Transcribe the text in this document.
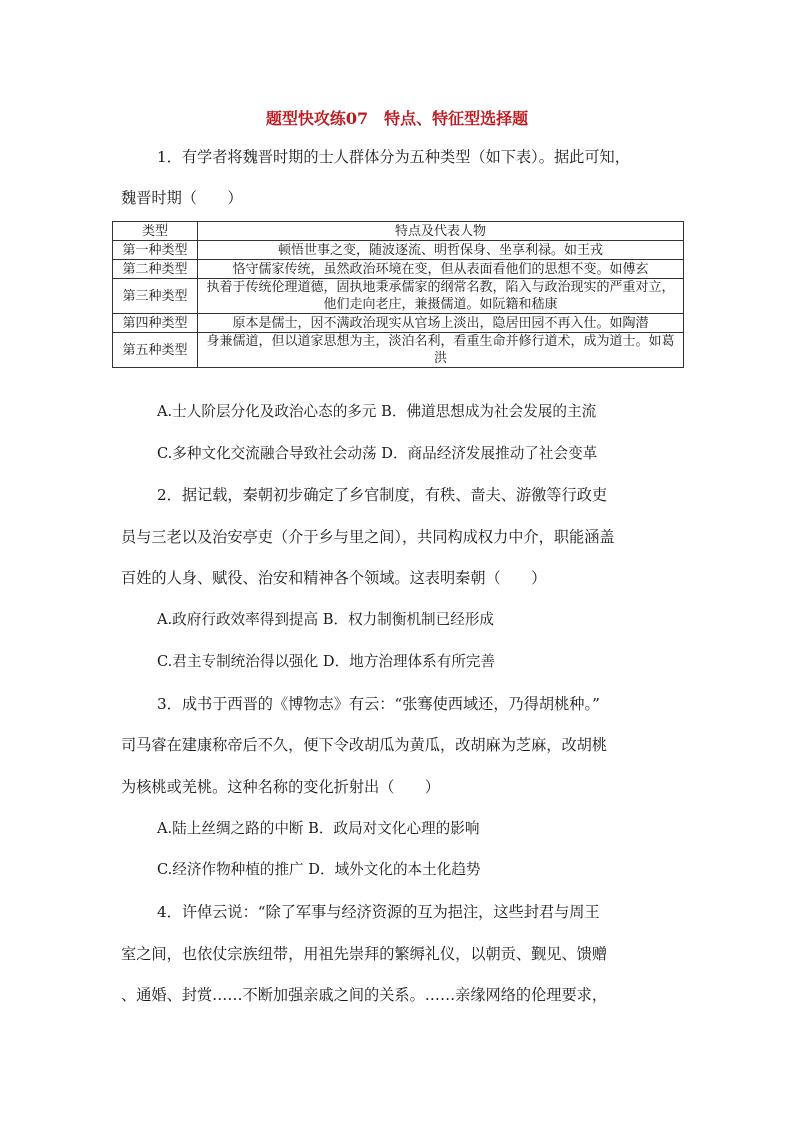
题型快攻练07　特点、特征型选择题
1．有学者将魏晋时期的士人群体分为五种类型（如下表）。据此可知，
魏晋时期（　　）
类型	特点及代表人物
第一种类型	顿悟世事之变，随波逐流、明哲保身、坐享利禄。如王戎
第二种类型	恪守儒家传统，虽然政治环境在变，但从表面看他们的思想不变。如傅玄
第三种类型	执着于传统伦理道德，固执地秉承儒家的纲常名教，陷入与政治现实的严重对立，他们走向老庄，兼摄儒道。如阮籍和嵇康
第四种类型	原本是儒士，因不满政治现实从官场上淡出，隐居田园不再入仕。如陶潜
第五种类型	身兼儒道，但以道家思想为主，淡泊名利，看重生命并修行道术，成为道士。如葛洪
A.士人阶层分化及政治心态的多元 B．佛道思想成为社会发展的主流
C.多种文化交流融合导致社会动荡 D．商品经济发展推动了社会变革
2．据记载，秦朝初步确定了乡官制度，有秩、啬夫、游徼等行政吏
员与三老以及治安亭吏（介于乡与里之间），共同构成权力中介，职能涵盖
百姓的人身、赋役、治安和精神各个领域。这表明秦朝（　　）
A.政府行政效率得到提高 B．权力制衡机制已经形成
C.君主专制统治得以强化 D．地方治理体系有所完善
3．成书于西晋的《博物志》有云：“张骞使西域还，乃得胡桃种。”
司马睿在建康称帝后不久，便下令改胡瓜为黄瓜，改胡麻为芝麻，改胡桃
为核桃或羌桃。这种名称的变化折射出（　　）
A.陆上丝绸之路的中断 B．政局对文化心理的影响
C.经济作物种植的推广 D．域外文化的本土化趋势
4．许倬云说：“除了军事与经济资源的互为挹注，这些封君与周王
室之间，也依仗宗族纽带，用祖先崇拜的繁缛礼仪，以朝贡、觐见、馈赠
、通婚、封赏……不断加强亲戚之间的关系。……亲缘网络的伦理要求，
